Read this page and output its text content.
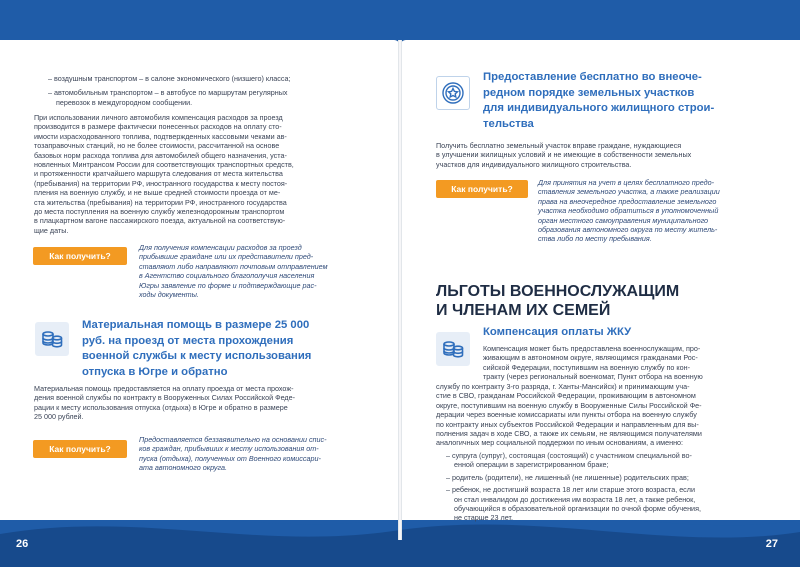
– воздушным транспортом – в салоне экономического (низшего) класса;

– автомобильным транспортом – в автобусе по маршрутам регулярных

перевозок в междугородном сообщении.

При использовании личного автомобиля компенсация расходов за проезд
производится в размере фактически понесенных расходов на оплату сто-
имости израсходованного топлива, подтвержденных кассовыми чеками ав-
тозаправочных станций, но не более стоимости, рассчитанной на основе
базовых норм расхода топлива для автомобилей общего назначения, уста-
новленных Минтрансом России для соответствующих транспортных средств,
и протяженности кратчайшего маршрута следования от места жительства
(пребывания) на территории РФ, иностранного государства к месту постоя-
пления на военную службу, и не выше средней стоимости проезда от ме-
ста жительства (пребывания) на территории РФ, иностранного государства
до места поступления на военную службу железнодорожным транспортом
в плацкартном вагоне пассажирского поезда, актуальной на соответствую-
щие даты.
Как получить?
Для получения компенсации расходов за проезд
прибывшие граждане или их представители пред-
ставляют либо направляют почтовым отправлением
в Агентство социального благополучия населения
Югры заявление по форме и подтверждающие рас-
ходы документы.
Материальная помощь в размере 25 000
руб. на проезд от места прохождения
военной службы к месту использования
отпуска в Югре и обратно
Материальная помощь предоставляется на оплату проезда от места прохож-
дения военной службы по контракту в Вооруженных Силах Российской Феде-
рации к месту использования отпуска (отдыха) в Югре и обратно в размере
25 000 рублей.
Как получить?
Предоставляется беззаявительно на основании спис-
ков граждан, прибывших к месту использования от-
пуска (отдыха), полученных от Военного комиссари-
ата автономного округа.
Предоставление бесплатно во внеоче-
редном порядке земельных участков
для индивидуального жилищного строи-
тельства
Получить бесплатно земельный участок вправе граждане, нуждающиеся
в улучшении жилищных условий и не имеющие в собственности земельных
участков для индивидуального жилищного строительства.
Как получить?
Для принятия на учет в целях бесплатного предо-
ставления земельного участка, а также реализации
права на внеочередное предоставление земельного
участка необходимо обратиться в уполномоченный
орган местного самоуправления муниципального
образования автономного округа по месту житель-
ства либо по месту пребывания.
ЛЬГОТЫ ВОЕННОСЛУЖАЩИМ
И ЧЛЕНАМ ИХ СЕМЕЙ
Компенсация оплаты ЖКУ
Компенсация может быть предоставлена военнослужащим, про-
живающим в автономном округе, являющимся гражданами Рос-
сийской Федерации, поступившим на военную службу по кон-
тракту (через региональный военкомат, Пункт отбора на военную
службу по контракту 3-го разряда, г. Ханты-Мансийск) и принимающим уча-
стие в СВО, гражданам Российской Федерации, проживающим в автономном
округе, поступившим на военную службу в Вооруженные Силы Российской Фе-
дерации через военные комиссариаты или пункты отбора на военную службу
по контракту иных субъектов Российской Федерации и направленным для вы-
полнения задач в ходе СВО, а также их семьям, не являющимся получателями
аналогичных мер социальной поддержки по иным основаниям, а именно:
– супруга (супруг), состоящая (состоящий) с участником специальной во-
енной операции в зарегистрированном браке;
– родитель (родители), не лишенный (не лишенные) родительских прав;
– ребенок, не достигший возраста 18 лет или старше этого возраста, если
он стал инвалидом до достижения им возраста 18 лет, а также ребенок,
обучающийся в образовательной организации по очной форме обучения,
не старше 23 лет.
26	27
